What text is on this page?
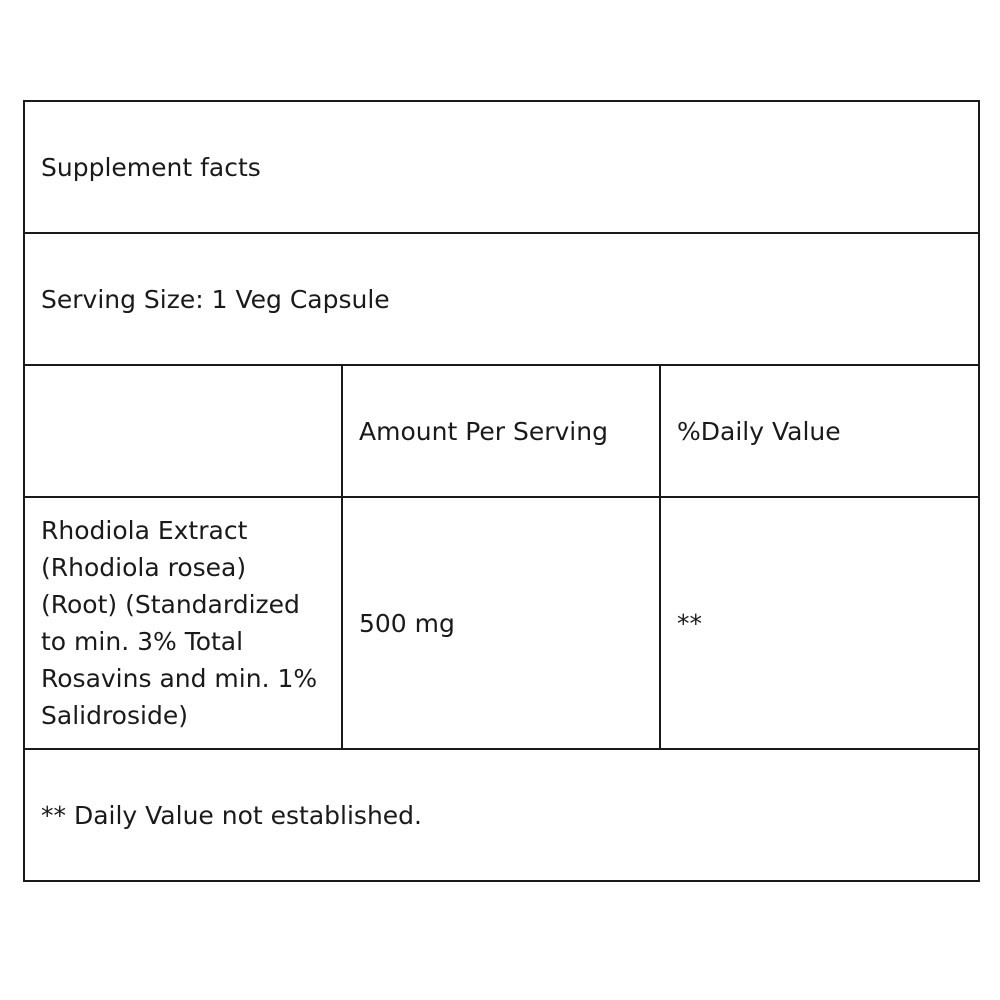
Supplement facts		
Serving Size: 1 Veg Capsule		
	Amount Per Serving	%Daily Value
Rhodiola Extract (Rhodiola rosea) (Root) (Standardized to min. 3% Total Rosavins and min. 1% Salidroside)	500 mg	**
** Daily Value not established.		
